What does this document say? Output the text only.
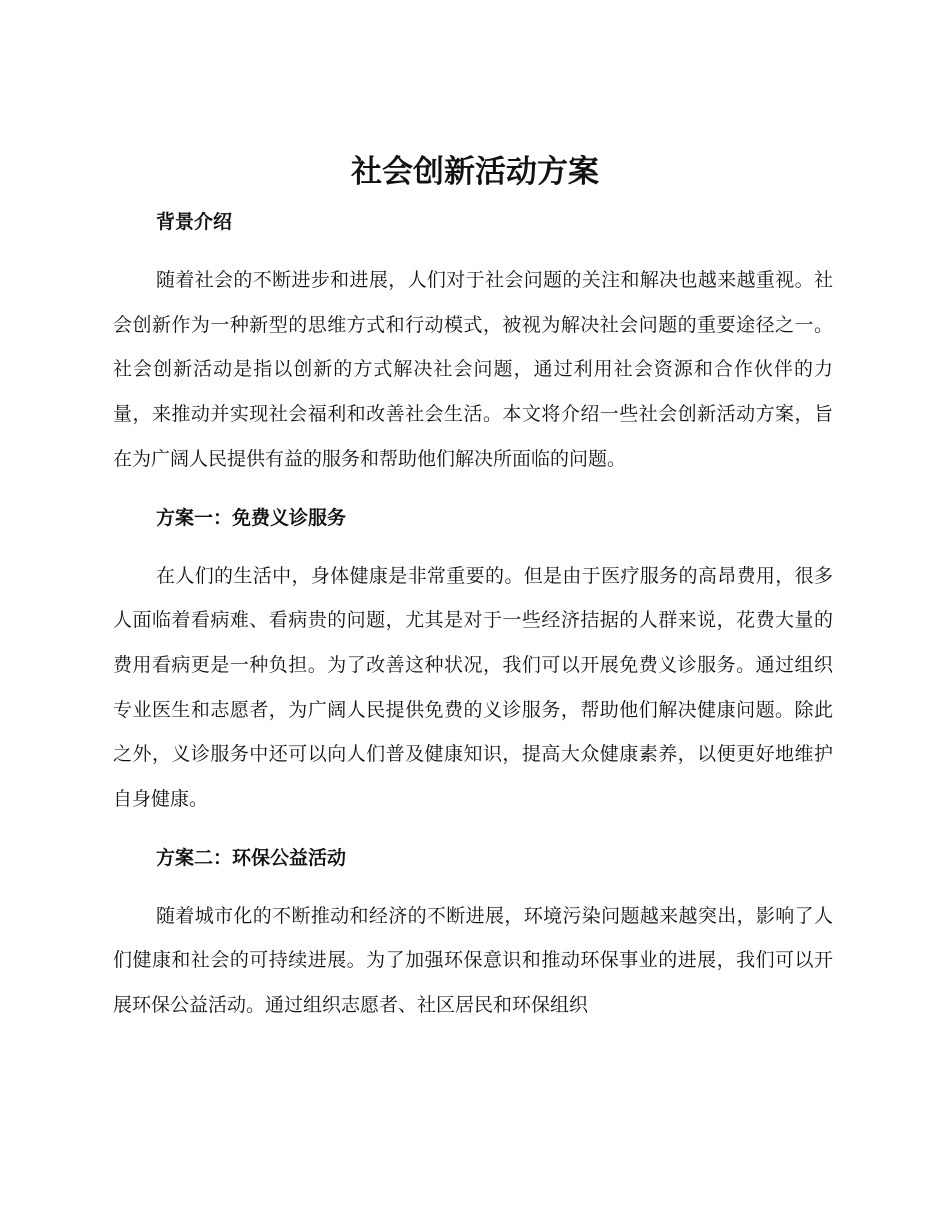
社会创新活动方案

背景介绍

随着社会的不断进步和进展，人们对于社会问题的关注和解决也越来越重视。社会创新作为一种新型的思维方式和行动模式，被视为解决社会问题的重要途径之一。社会创新活动是指以创新的方式解决社会问题，通过利用社会资源和合作伙伴的力量，来推动并实现社会福利和改善社会生活。本文将介绍一些社会创新活动方案，旨在为广阔人民提供有益的服务和帮助他们解决所面临的问题。

方案一：免费义诊服务

在人们的生活中，身体健康是非常重要的。但是由于医疗服务的高昂费用，很多人面临着看病难、看病贵的问题，尤其是对于一些经济拮据的人群来说，花费大量的费用看病更是一种负担。为了改善这种状况，我们可以开展免费义诊服务。通过组织专业医生和志愿者，为广阔人民提供免费的义诊服务，帮助他们解决健康问题。除此之外，义诊服务中还可以向人们普及健康知识，提高大众健康素养，以便更好地维护自身健康。

方案二：环保公益活动

随着城市化的不断推动和经济的不断进展，环境污染问题越来越突出，影响了人们健康和社会的可持续进展。为了加强环保意识和推动环保事业的进展，我们可以开展环保公益活动。通过组织志愿者、社区居民和环保组织
